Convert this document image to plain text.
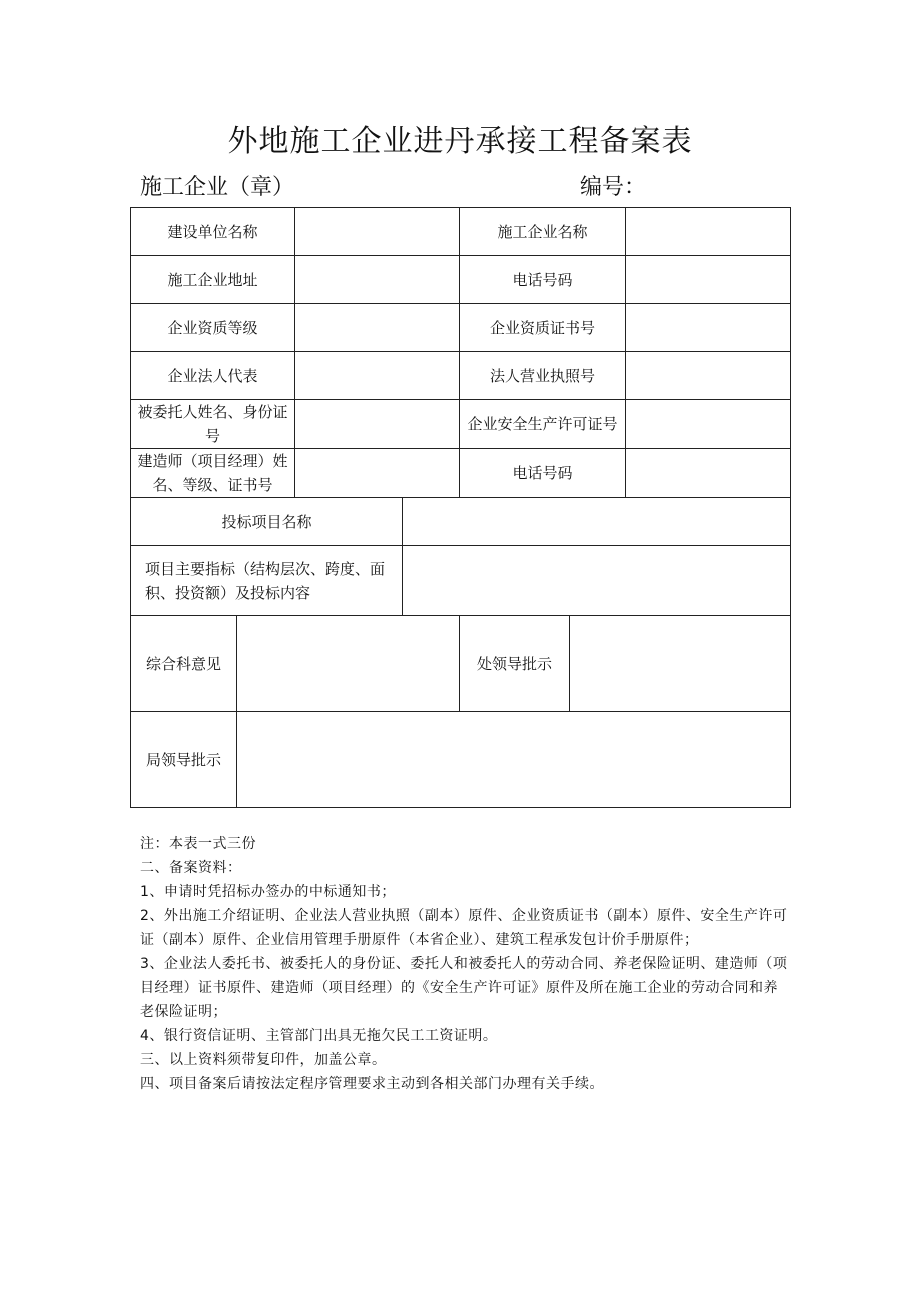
外地施工企业进丹承接工程备案表
施工企业（章）	编号：
建设单位名称				施工企业名称		
施工企业地址				电话号码		
企业资质等级				企业资质证书号		
企业法人代表				法人营业执照号		
被委托人姓名、身份证号				企业安全生产许可证号		
建造师（项目经理）姓名、等级、证书号				电话号码		
投标项目名称						
项目主要指标（结构层次、跨度、面积、投资额）及投标内容						
综合科意见				处领导批示		
局领导批示						

注：本表一式三份

二、备案资料：

1、申请时凭招标办签办的中标通知书；

2、外出施工介绍证明、企业法人营业执照（副本）原件、企业资质证书（副本）原件、安全生产许可证（副本）原件、企业信用管理手册原件（本省企业）、建筑工程承发包计价手册原件；

3、企业法人委托书、被委托人的身份证、委托人和被委托人的劳动合同、养老保险证明、建造师（项目经理）证书原件、建造师（项目经理）的《安全生产许可证》原件及所在施工企业的劳动合同和养老保险证明；

4、银行资信证明、主管部门出具无拖欠民工工资证明。

三、以上资料须带复印件，加盖公章。

四、项目备案后请按法定程序管理要求主动到各相关部门办理有关手续。
